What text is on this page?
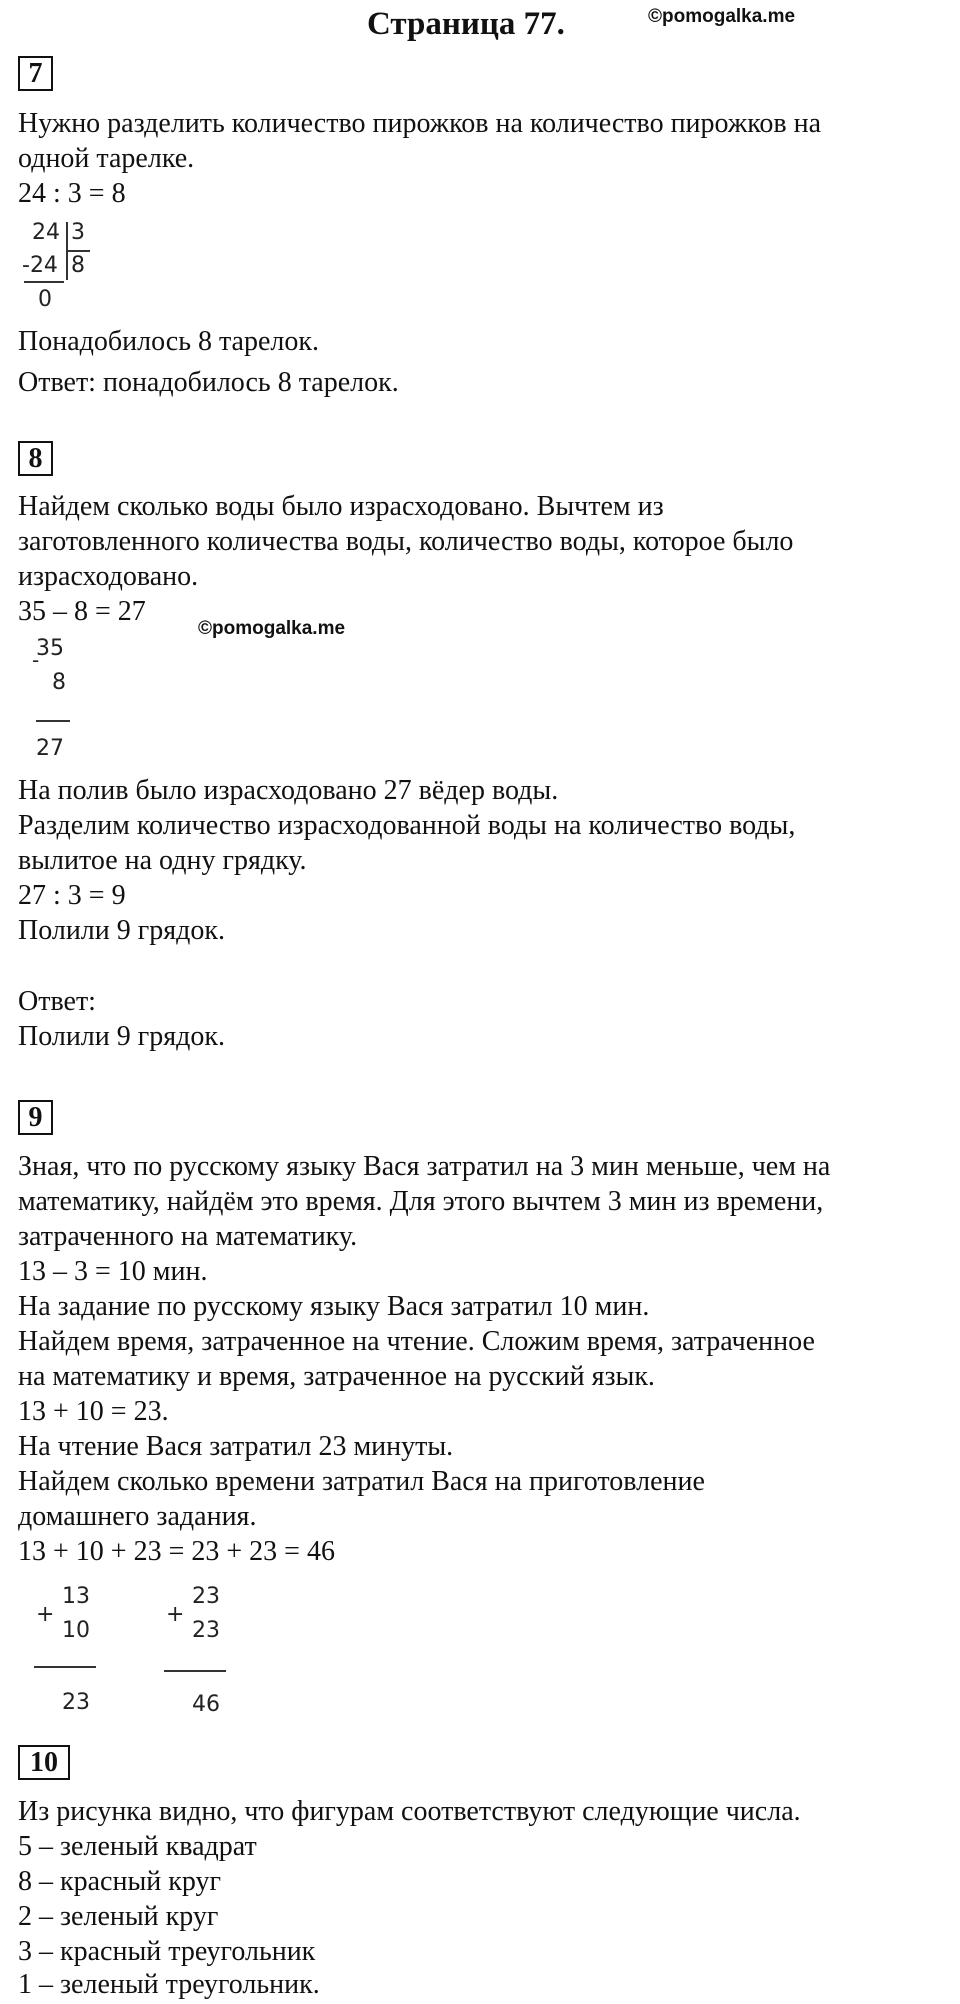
Страница 77.	©pomogalka.me
7
Нужно разделить количество пирожков на количество пирожков на
одной тарелке.
24 : 3 = 8
24 3
-24 8
0
Понадобилось 8 тарелок.
Ответ: понадобилось 8 тарелок.
8
Найдем сколько воды было израсходовано. Вычтем из
заготовленного количества воды, количество воды, которое было
израсходовано.
35 – 8 = 27
©pomogalka.me
35
-
8
27
На полив было израсходовано 27 вёдер воды.
Разделим количество израсходованной воды на количество воды,
вылитое на одну грядку.
27 : 3 = 9
Полили 9 грядок.
Ответ:
Полили 9 грядок.
9
Зная, что по русскому языку Вася затратил на 3 мин меньше, чем на
математику, найдём это время. Для этого вычтем 3 мин из времени,
затраченного на математику.
13 – 3 = 10 мин.
На задание по русскому языку Вася затратил 10 мин.
Найдем время, затраченное на чтение. Сложим время, затраченное
на математику и время, затраченное на русский язык.
13 + 10 = 23.
На чтение Вася затратил 23 минуты.
Найдем сколько времени затратил Вася на приготовление
домашнего задания.
13 + 10 + 23 = 23 + 23 = 46
13
+
10
23
23
+
23
46
10
Из рисунка видно, что фигурам соответствуют следующие числа.
5 – зеленый квадрат
8 – красный круг
2 – зеленый круг
3 – красный треугольник
1 – зеленый треугольник.
